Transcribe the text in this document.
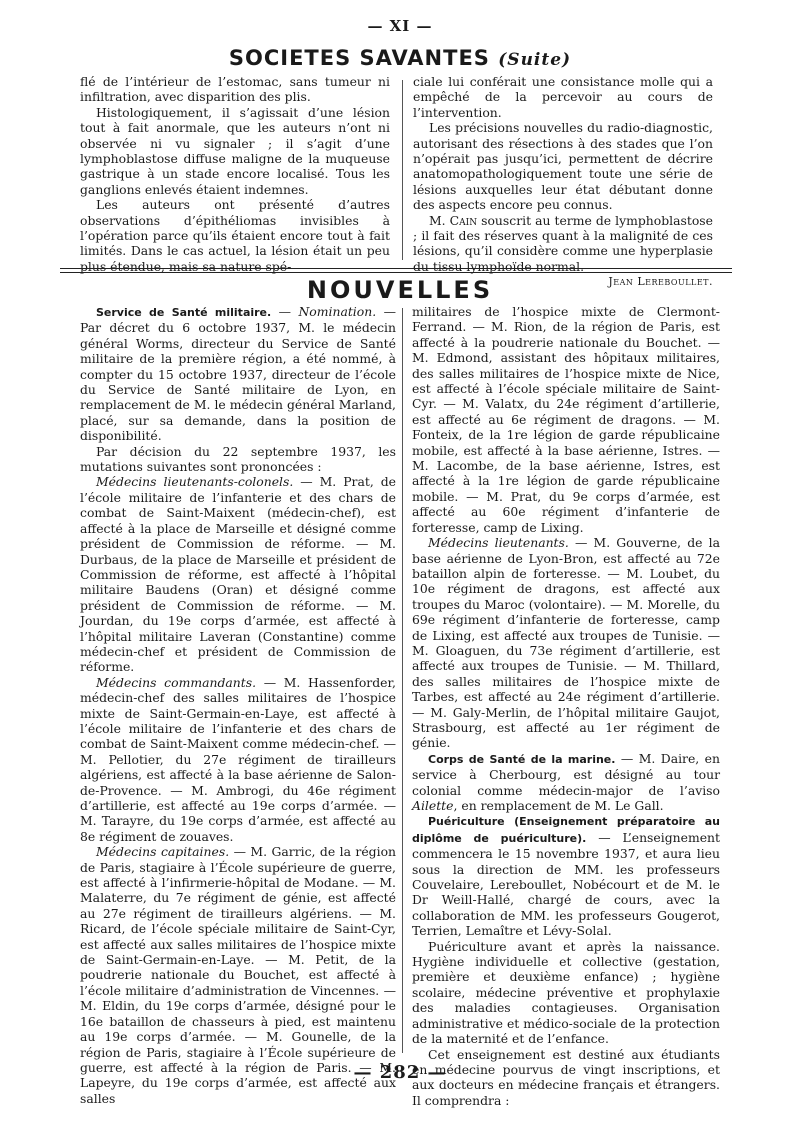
— XI —
SOCIETES SAVANTES (Suite)

flé de l’intérieur de l’estomac, sans tumeur ni infiltration, avec disparition des plis.

Histologiquement, il s’agissait d’une lésion tout à fait anormale, que les auteurs n’ont ni observée ni vu signaler ; il s’agit d’une lymphoblastose diffuse maligne de la muqueuse gastrique à un stade encore localisé. Tous les ganglions enlevés étaient indemnes.

Les auteurs ont présenté d’autres observations d’épithéliomas invisibles à l’opération parce qu’ils étaient encore tout à fait limités. Dans le cas actuel, la lésion était un peu plus étendue, mais sa nature spé-

ciale lui conférait une consistance molle qui a empêché de la percevoir au cours de l’intervention.

Les précisions nouvelles du radio-diagnostic, autorisant des résections à des stades que l’on n’opérait pas jusqu’ici, permettent de décrire anatomopathologiquement toute une série de lésions auxquelles leur état débutant donne des aspects encore peu connus.

M. Cain souscrit au terme de lymphoblastose ; il fait des réserves quant à la malignité de ces lésions, qu’il considère comme une hyperplasie du tissu lymphoïde normal.

Jean Lereboullet.
NOUVELLES

Service de Santé militaire. — Nomination. — Par décret du 6 octobre 1937, M. le médecin général Worms, directeur du Service de Santé militaire de la première région, a été nommé, à compter du 15 octobre 1937, directeur de l’école du Service de Santé militaire de Lyon, en remplacement de M. le médecin général Marland, placé, sur sa demande, dans la position de disponibilité.

Par décision du 22 septembre 1937, les mutations suivantes sont prononcées :

Médecins lieutenants-colonels. — M. Prat, de l’école militaire de l’infanterie et des chars de combat de Saint-Maixent (médecin-chef), est affecté à la place de Marseille et désigné comme président de Commission de réforme. — M. Durbaus, de la place de Marseille et président de Commission de réforme, est affecté à l’hôpital militaire Baudens (Oran) et désigné comme président de Commission de réforme. — M. Jourdan, du 19e corps d’armée, est affecté à l’hôpital militaire Laveran (Constantine) comme médecin-chef et président de Commission de réforme.

Médecins commandants. — M. Hassenforder, médecin-chef des salles militaires de l’hospice mixte de Saint-Germain-en-Laye, est affecté à l’école militaire de l’infanterie et des chars de combat de Saint-Maixent comme médecin-chef. — M. Pellotier, du 27e régiment de tirailleurs algériens, est affecté à la base aérienne de Salon-de-Provence. — M. Ambrogi, du 46e régiment d’artillerie, est affecté au 19e corps d’armée. — M. Tarayre, du 19e corps d’armée, est affecté au 8e régiment de zouaves.

Médecins capitaines. — M. Garric, de la région de Paris, stagiaire à l’École supérieure de guerre, est affecté à l’infirmerie-hôpital de Modane. — M. Malaterre, du 7e régiment de génie, est affecté au 27e régiment de tirailleurs algériens. — M. Ricard, de l’école spéciale militaire de Saint-Cyr, est affecté aux salles militaires de l’hospice mixte de Saint-Germain-en-Laye. — M. Petit, de la poudrerie nationale du Bouchet, est affecté à l’école militaire d’administration de Vincennes. — M. Eldin, du 19e corps d’armée, désigné pour le 16e bataillon de chasseurs à pied, est maintenu au 19e corps d’armée. — M. Gounelle, de la région de Paris, stagiaire à l’École supérieure de guerre, est affecté à la région de Paris. — M. Lapeyre, du 19e corps d’armée, est affecté aux salles

militaires de l’hospice mixte de Clermont-Ferrand. — M. Rion, de la région de Paris, est affecté à la poudrerie nationale du Bouchet. — M. Edmond, assistant des hôpitaux militaires, des salles militaires de l’hospice mixte de Nice, est affecté à l’école spéciale militaire de Saint-Cyr. — M. Valatx, du 24e régiment d’artillerie, est affecté au 6e régiment de dragons. — M. Fonteix, de la 1re légion de garde républicaine mobile, est affecté à la base aérienne, Istres. — M. Lacombe, de la base aérienne, Istres, est affecté à la 1re légion de garde républicaine mobile. — M. Prat, du 9e corps d’armée, est affecté au 60e régiment d’infanterie de forteresse, camp de Lixing.

Médecins lieutenants. — M. Gouverne, de la base aérienne de Lyon-Bron, est affecté au 72e bataillon alpin de forteresse. — M. Loubet, du 10e régiment de dragons, est affecté aux troupes du Maroc (volontaire). — M. Morelle, du 69e régiment d’infanterie de forteresse, camp de Lixing, est affecté aux troupes de Tunisie. — M. Gloaguen, du 73e régiment d’artillerie, est affecté aux troupes de Tunisie. — M. Thillard, des salles militaires de l’hospice mixte de Tarbes, est affecté au 24e régiment d’artillerie. — M. Galy-Merlin, de l’hôpital militaire Gaujot, Strasbourg, est affecté au 1er régiment de génie.

Corps de Santé de la marine. — M. Daire, en service à Cherbourg, est désigné au tour colonial comme médecin-major de l’aviso Ailette, en remplacement de M. Le Gall.

Puériculture (Enseignement préparatoire au diplôme de puériculture). — L’enseignement commencera le 15 novembre 1937, et aura lieu sous la direction de MM. les professeurs Couvelaire, Lereboullet, Nobécourt et de M. le Dr Weill-Hallé, chargé de cours, avec la collaboration de MM. les professeurs Gougerot, Terrien, Lemaître et Lévy-Solal.

Puériculture avant et après la naissance. Hygiène individuelle et collective (gestation, première et deuxième enfance) ; hygiène scolaire, médecine préventive et prophylaxie des maladies contagieuses. Organisation administrative et médico-sociale de la protection de la maternité et de l’enfance.

Cet enseignement est destiné aux étudiants en médecine pourvus de vingt inscriptions, et aux docteurs en médecine français et étrangers. Il comprendra :

— 282 —
